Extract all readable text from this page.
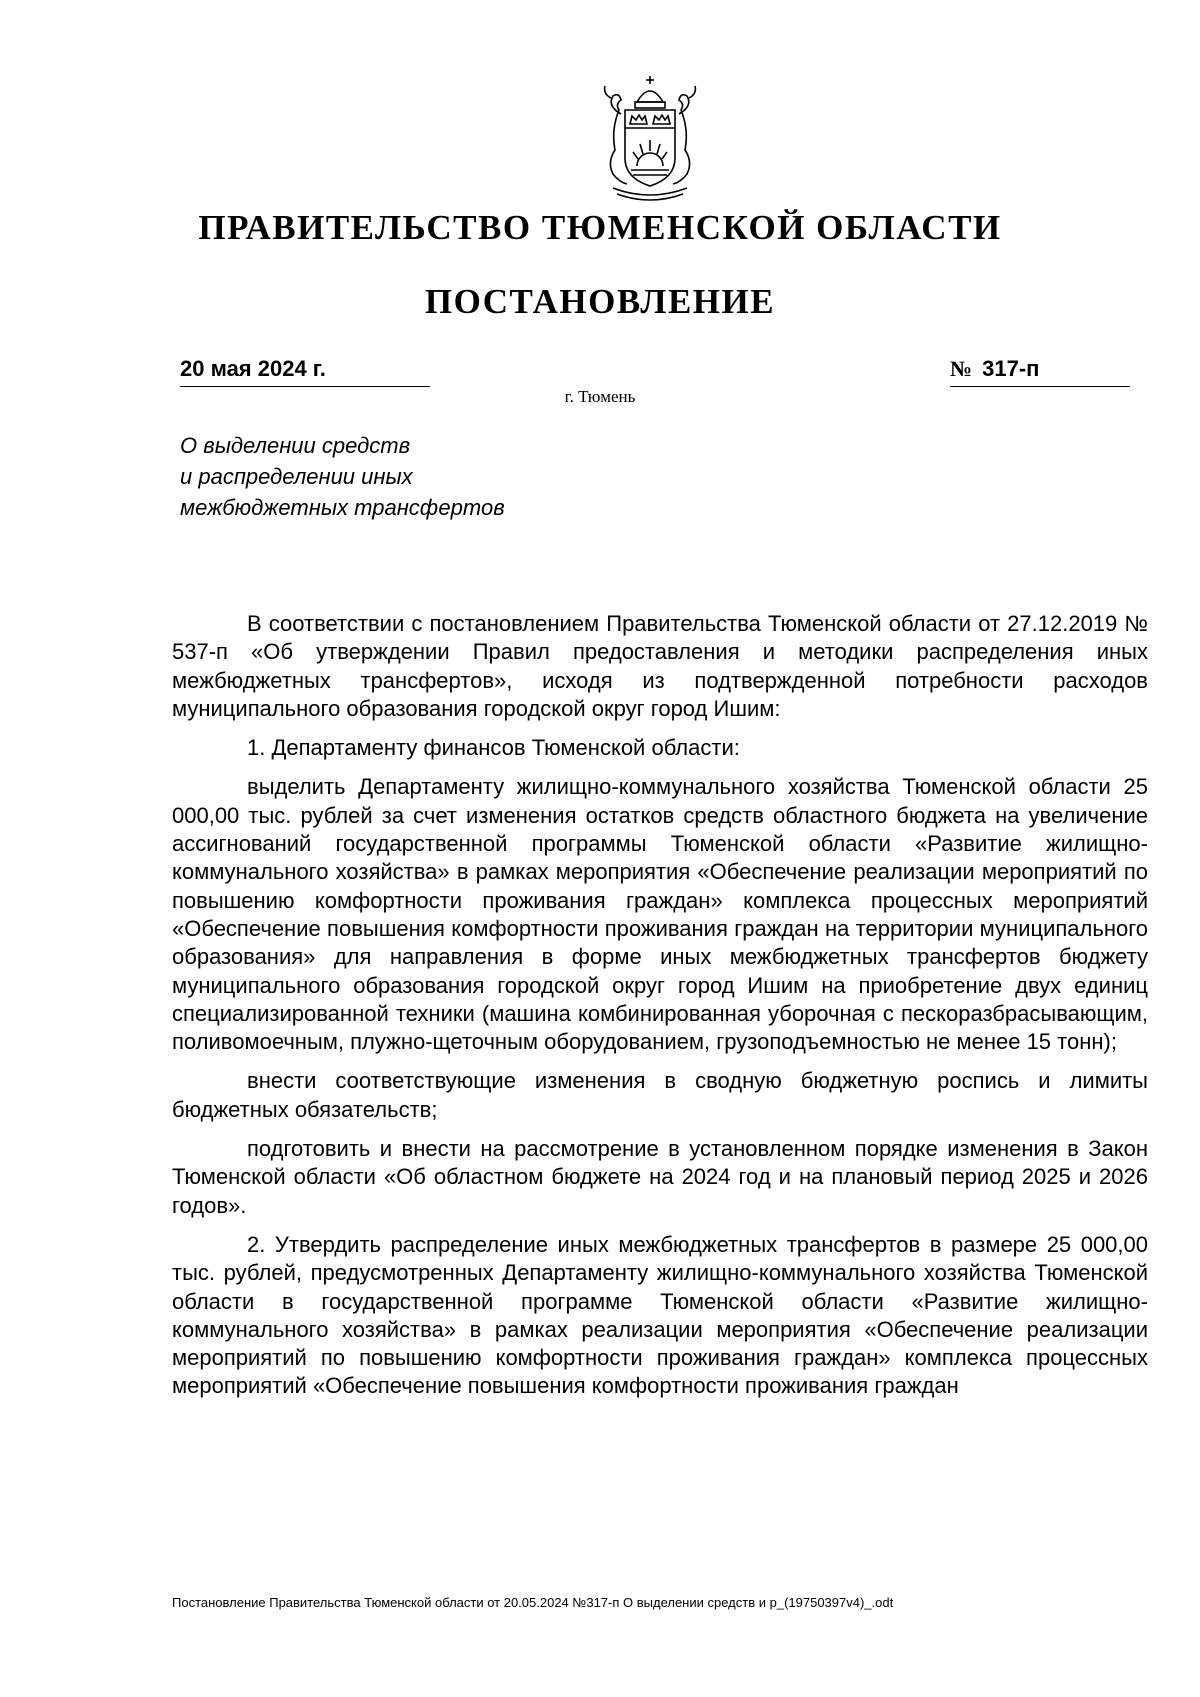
ПРАВИТЕЛЬСТВО ТЮМЕНСКОЙ ОБЛАСТИ
ПОСТАНОВЛЕНИЕ
20 мая 2024 г.	№ 317-п
г. Тюмень
О выделении средств
и распределении иных
межбюджетных трансфертов

В соответствии с постановлением Правительства Тюменской области от 27.12.2019 № 537-п «Об утверждении Правил предоставления и методики распределения иных межбюджетных трансфертов», исходя из подтвержденной потребности расходов муниципального образования городской округ город Ишим:

1. Департаменту финансов Тюменской области:

выделить Департаменту жилищно-коммунального хозяйства Тюменской области 25 000,00 тыс. рублей за счет изменения остатков средств областного бюджета на увеличение ассигнований государственной программы Тюменской области «Развитие жилищно-коммунального хозяйства» в рамках мероприятия «Обеспечение реализации мероприятий по повышению комфортности проживания граждан» комплекса процессных мероприятий «Обеспечение повышения комфортности проживания граждан на территории муниципального образования» для направления в форме иных межбюджетных трансфертов бюджету муниципального образования городской округ город Ишим на приобретение двух единиц специализированной техники (машина комбинированная уборочная с пескоразбрасывающим, поливомоечным, плужно-щеточным оборудованием, грузоподъемностью не менее 15 тонн);

внести соответствующие изменения в сводную бюджетную роспись и лимиты бюджетных обязательств;

подготовить и внести на рассмотрение в установленном порядке изменения в Закон Тюменской области «Об областном бюджете на 2024 год и на плановый период 2025 и 2026 годов».

2. Утвердить распределение иных межбюджетных трансфертов в размере 25 000,00 тыс. рублей, предусмотренных Департаменту жилищно-коммунального хозяйства Тюменской области в государственной программе Тюменской области «Развитие жилищно-коммунального хозяйства» в рамках реализации мероприятия «Обеспечение реализации мероприятий по повышению комфортности проживания граждан» комплекса процессных мероприятий «Обеспечение повышения комфортности проживания граждан

Постановление Правительства Тюменской области от 20.05.2024 №317-п О выделении средств и р_(19750397v4)_.odt
